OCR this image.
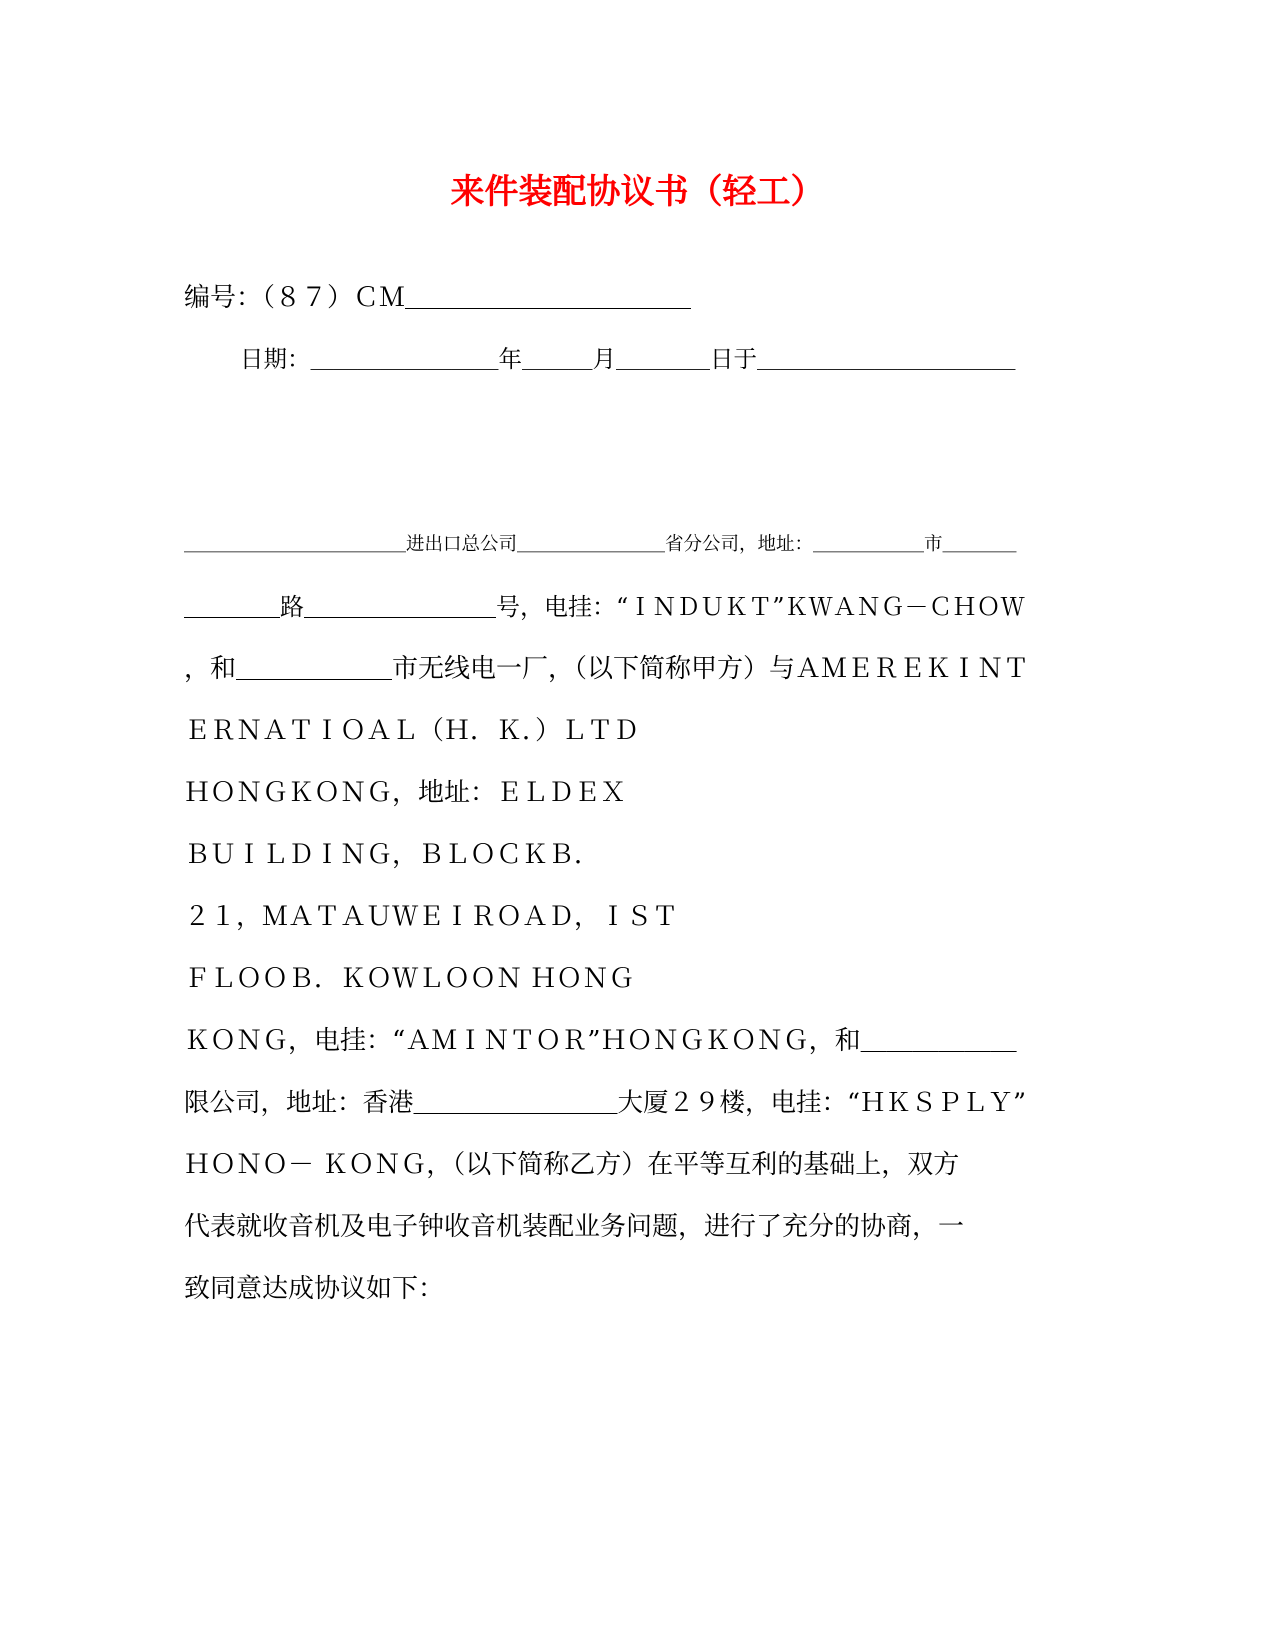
来件装配协议书（轻工）
编号：（８７）ＣＭ＿＿＿＿＿＿＿＿＿＿＿
日期：＿＿＿＿＿＿＿＿年＿＿＿月＿＿＿＿日于＿＿＿＿＿＿＿＿＿＿＿
＿＿＿＿＿＿＿＿＿＿＿＿进出口总公司＿＿＿＿＿＿＿＿省分公司，地址：＿＿＿＿＿＿市＿＿＿＿
＿＿＿＿路＿＿＿＿＿＿＿＿号，电挂：“ＩＮＤＵＫＴ”ＫＷＡＮＧ－ＣＨＯＷ
，和＿＿＿＿＿＿市无线电一厂，（以下简称甲方）与ＡＭＥＲＥＫＩＮＴ
ＥＲＮＡＴＩＯＡＬ（Ｈ．Ｋ．）ＬＴＤ
ＨＯＮＧＫＯＮＧ，地址：ＥＬＤＥＸ
ＢＵＩＬＤＩＮＧ，ＢＬＯＣＫＢ．
２１，ＭＡＴＡＵＷＥＩＲＯＡＤ，ＩＳＴ
ＦＬＯＯＢ．ＫＯＷＬＯＯＮ ＨＯＮＧ
ＫＯＮＧ，电挂：“ＡＭＩＮＴＯＲ”ＨＯＮＧＫＯＮＧ，和＿＿＿＿＿＿
限公司，地址：香港＿＿＿＿＿＿＿＿大厦２９楼，电挂：“ＨＫＳＰＬＹ”
ＨＯＮＯ－ ＫＯＮＧ，（以下简称乙方）在平等互利的基础上，双方
代表就收音机及电子钟收音机装配业务问题，进行了充分的协商，一
致同意达成协议如下：
